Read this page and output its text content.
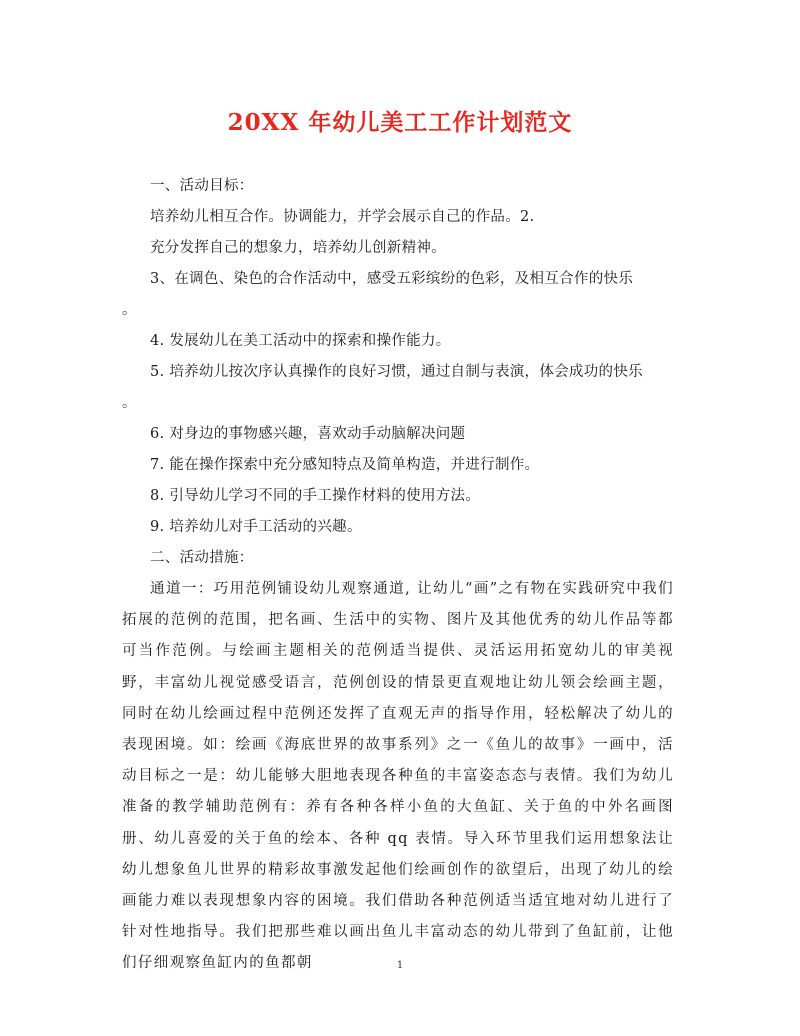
20XX 年幼儿美工工作计划范文
一、活动目标：
培养幼儿相互合作。协调能力，并学会展示自己的作品。2.
充分发挥自己的想象力，培养幼儿创新精神。
3、在调色、染色的合作活动中，感受五彩缤纷的色彩，及相互合作的快乐
。
4. 发展幼儿在美工活动中的探索和操作能力。
5. 培养幼儿按次序认真操作的良好习惯，通过自制与表演，体会成功的快乐
。
6. 对身边的事物感兴趣，喜欢动手动脑解决问题
7. 能在操作探索中充分感知特点及简单构造，并进行制作。
8. 引导幼儿学习不同的手工操作材料的使用方法。
9. 培养幼儿对手工活动的兴趣。
二、活动措施：
通道一：巧用范例铺设幼儿观察通道, 让幼儿“画”之有物在实践研究中我们拓展的范例的范围，把名画、生活中的实物、图片及其他优秀的幼儿作品等都可当作范例。与绘画主题相关的范例适当提供、灵活运用拓宽幼儿的审美视野，丰富幼儿视觉感受语言，范例创设的情景更直观地让幼儿领会绘画主题，同时在幼儿绘画过程中范例还发挥了直观无声的指导作用，轻松解决了幼儿的表现困境。如：绘画《海底世界的故事系列》之一《鱼儿的故事》一画中，活动目标之一是：幼儿能够大胆地表现各种鱼的丰富姿态态与表情。我们为幼儿准备的教学辅助范例有：养有各种各样小鱼的大鱼缸、关于鱼的中外名画图册、幼儿喜爱的关于鱼的绘本、各种 qq 表情。导入环节里我们运用想象法让幼儿想象鱼儿世界的精彩故事激发起他们绘画创作的欲望后，出现了幼儿的绘画能力难以表现想象内容的困境。我们借助各种范例适当适宜地对幼儿进行了针对性地指导。我们把那些难以画出鱼儿丰富动态的幼儿带到了鱼缸前，让他们仔细观察鱼缸内的鱼都朝	1
